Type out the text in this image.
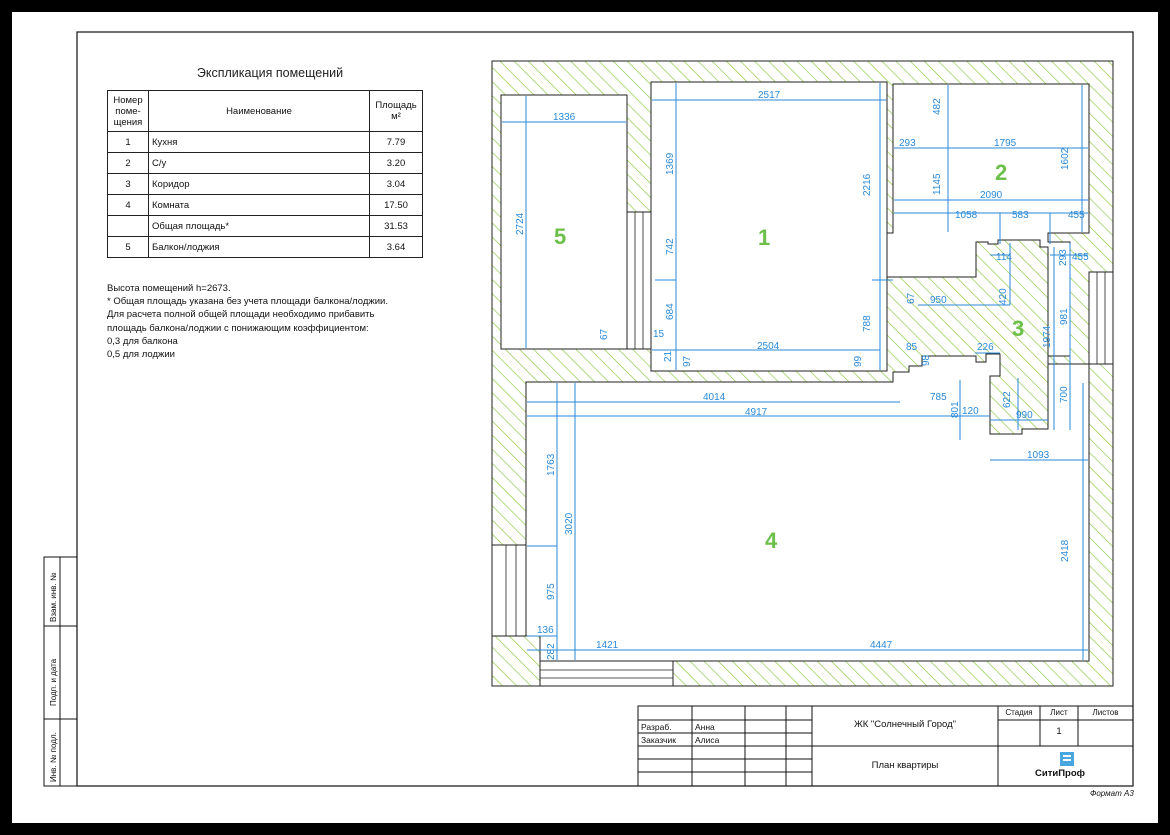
1336
2724
67
2517
1369
742
684
15
21 97
2504
99
85
98
788
2216
482
293	1795
1602
1145
2090
1058	583	455
114	293 455
67 950	420
1974
981
226
785
4014
4917	801 120
622
990
700
1093
1763
3020
975
2418
136
282	1421	4447
1
2
3
4
5
Экспликация помещений
Номер поме-щения	Наименование	Площадь м²
1	Кухня	7.79
2	С/у	3.20
3	Коридор	3.04
4	Комната	17.50
	Общая площадь*	31.53
5	Балкон/лоджия	3.64
Высота помещений h=2673.
* Общая площадь указана без учета площади балкона/лоджии.
Для расчета полной общей площади необходимо прибавить
площадь балкона/лоджии с понижающим коэффициентом:
0,3 для балкона
0,5 для лоджии
Взам. инв. №
Подп. и дата
Инв. № подл.
Разраб.	Анна
Заказчик Алиса
ЖК "Солнечный Город"
План квартиры
Стадия	Лист	Листов
1
СитиПроф
Формат А3
